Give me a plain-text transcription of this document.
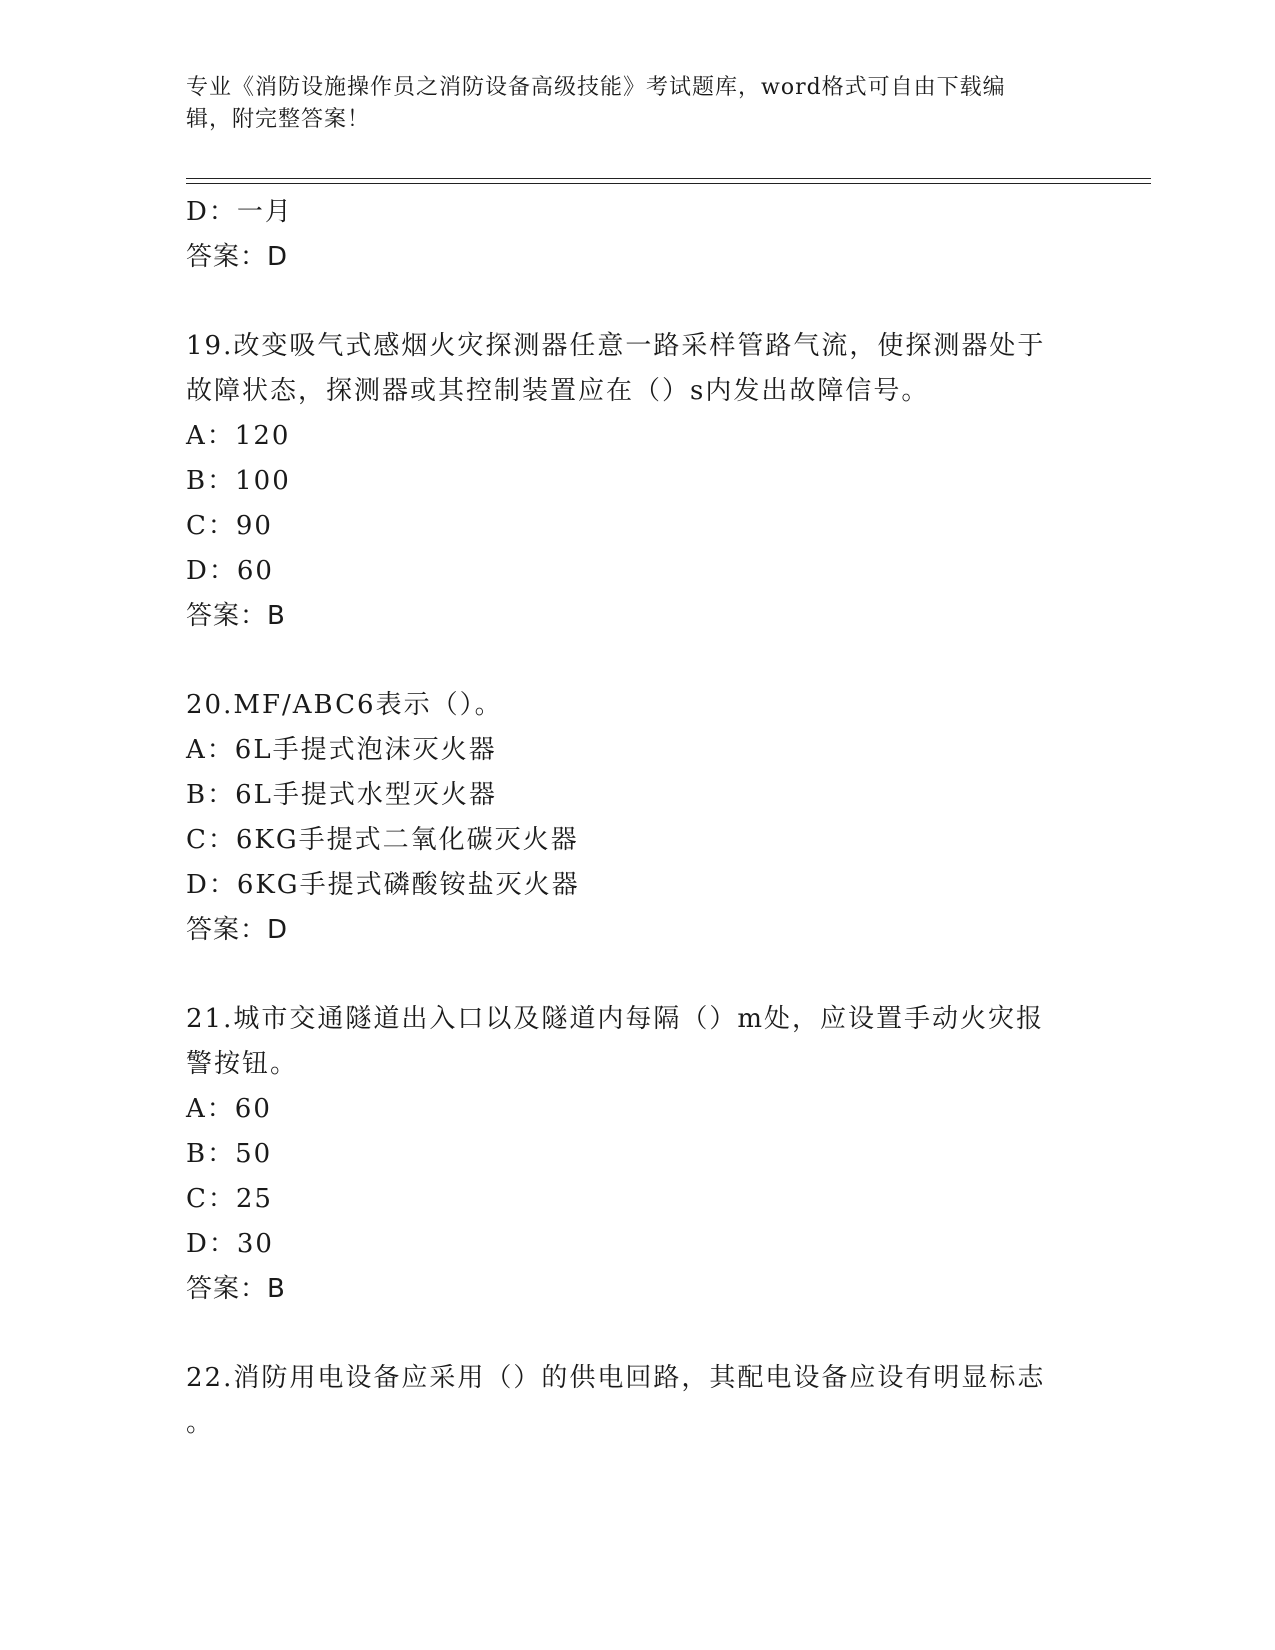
专业《消防设施操作员之消防设备高级技能》考试题库，word格式可自由下载编
辑，附完整答案！
D：一月
答案：D
19.改变吸气式感烟火灾探测器任意一路采样管路气流，使探测器处于
故障状态，探测器或其控制装置应在（）s内发出故障信号。
A：120
B：100
C：90
D：60
答案：B
20.MF/ABC6表示（）。
A：6L手提式泡沫灭火器
B：6L手提式水型灭火器
C：6KG手提式二氧化碳灭火器
D：6KG手提式磷酸铵盐灭火器
答案：D
21.城市交通隧道出入口以及隧道内每隔（）m处，应设置手动火灾报
警按钮。
A：60
B：50
C：25
D：30
答案：B
22.消防用电设备应采用（）的供电回路，其配电设备应设有明显标志
。
